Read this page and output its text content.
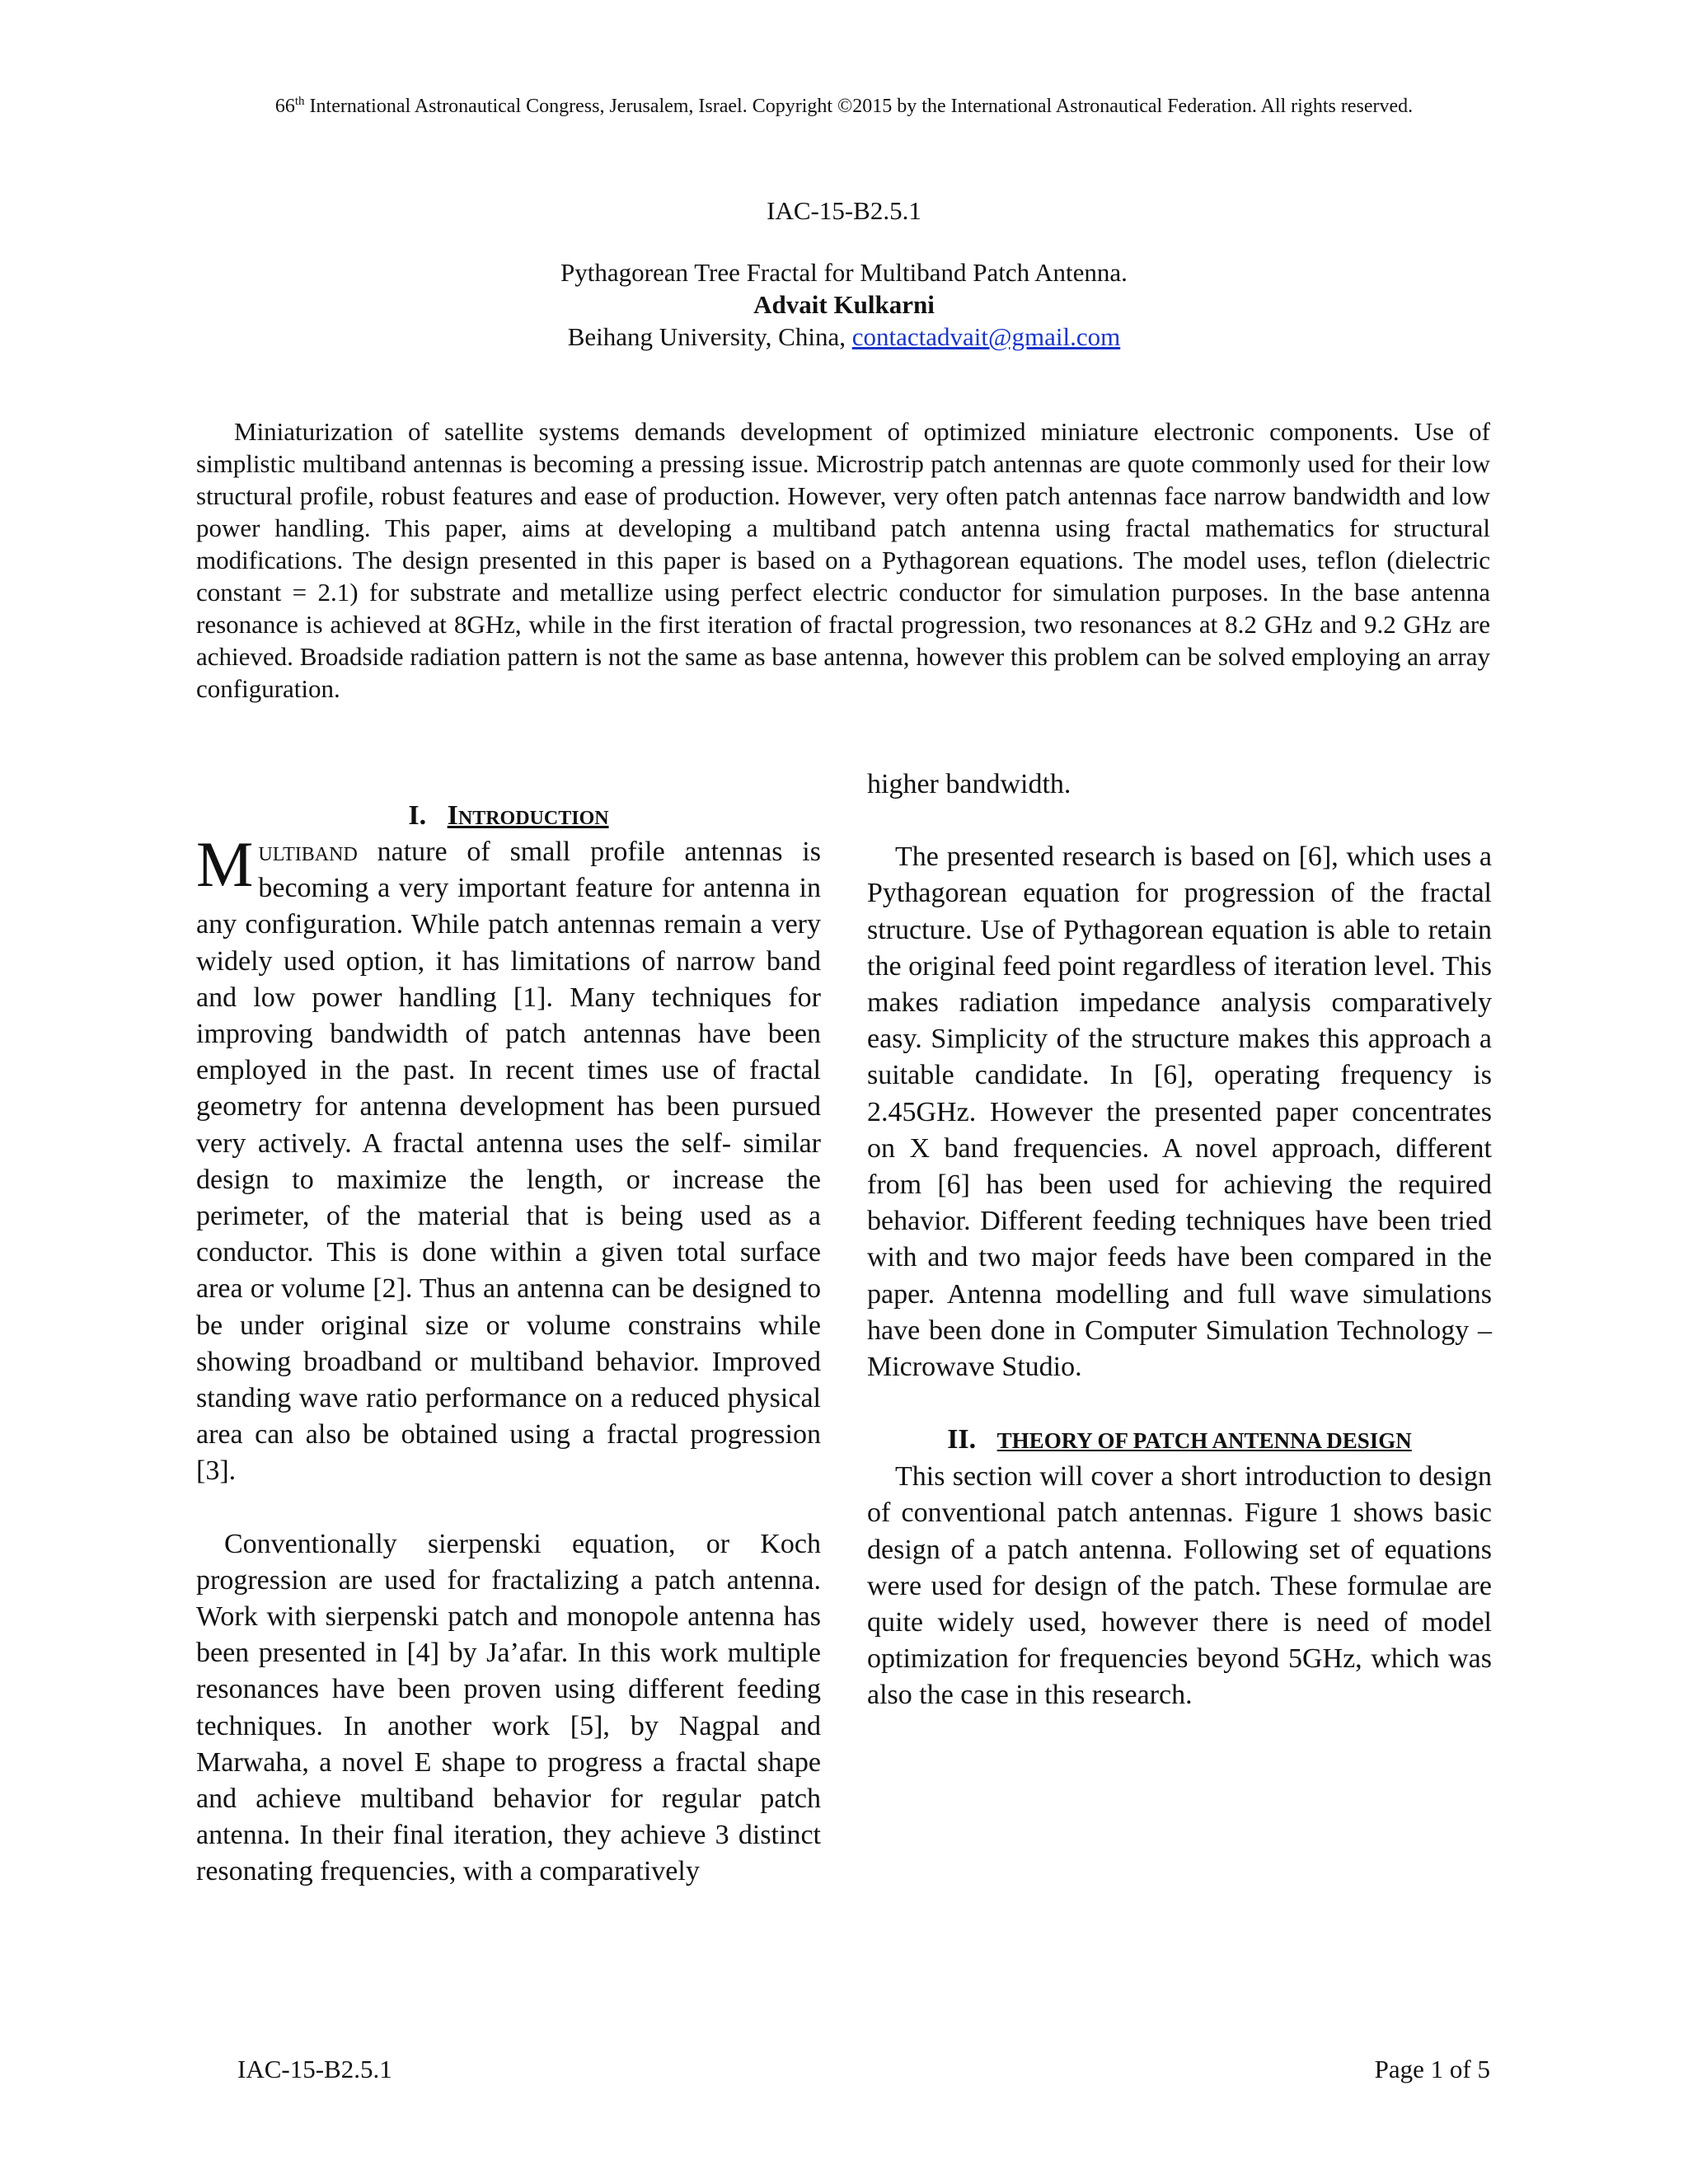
66th International Astronautical Congress, Jerusalem, Israel. Copyright ©2015 by the International Astronautical Federation. All rights reserved.
IAC-15-B2.5.1
Pythagorean Tree Fractal for Multiband Patch Antenna.
Advait Kulkarni
Beihang University, China, contactadvait@gmail.com

Miniaturization of satellite systems demands development of optimized miniature electronic components. Use of simplistic multiband antennas is becoming a pressing issue. Microstrip patch antennas are quote commonly used for their low structural profile, robust features and ease of production. However, very often patch antennas face narrow bandwidth and low power handling. This paper, aims at developing a multiband patch antenna using fractal mathematics for structural modifications. The design presented in this paper is based on a Pythagorean equations. The model uses, teflon (dielectric constant = 2.1) for substrate and metallize using perfect electric conductor for simulation purposes. In the base antenna resonance is achieved at 8GHz, while in the first iteration of fractal progression, two resonances at 8.2 GHz and 9.2 GHz are achieved. Broadside radiation pattern is not the same as base antenna, however this problem can be solved employing an array configuration.

I. Introduction

Multiband nature of small profile antennas is becoming a very important feature for antenna in any configuration. While patch antennas remain a very widely used option, it has limitations of narrow band and low power handling [1]. Many techniques for improving bandwidth of patch antennas have been employed in the past. In recent times use of fractal geometry for antenna development has been pursued very actively. A fractal antenna uses the self- similar design to maximize the length, or increase the perimeter, of the material that is being used as a conductor. This is done within a given total surface area or volume [2]. Thus an antenna can be designed to be under original size or volume constrains while showing broadband or multiband behavior. Improved standing wave ratio performance on a reduced physical area can also be obtained using a fractal progression [3].

Conventionally sierpenski equation, or Koch progression are used for fractalizing a patch antenna. Work with sierpenski patch and monopole antenna has been presented in [4] by Ja’afar. In this work multiple resonances have been proven using different feeding techniques. In another work [5], by Nagpal and Marwaha, a novel E shape to progress a fractal shape and achieve multiband behavior for regular patch antenna. In their final iteration, they achieve 3 distinct resonating frequencies, with a comparatively

higher bandwidth.

The presented research is based on [6], which uses a Pythagorean equation for progression of the fractal structure. Use of Pythagorean equation is able to retain the original feed point regardless of iteration level. This makes radiation impedance analysis comparatively easy. Simplicity of the structure makes this approach a suitable candidate. In [6], operating frequency is 2.45GHz. However the presented paper concentrates on X band frequencies. A novel approach, different from [6] has been used for achieving the required behavior. Different feeding techniques have been tried with and two major feeds have been compared in the paper. Antenna modelling and full wave simulations have been done in Computer Simulation Technology – Microwave Studio.

II. THEORY OF PATCH ANTENNA DESIGN

This section will cover a short introduction to design of conventional patch antennas. Figure 1 shows basic design of a patch antenna. Following set of equations were used for design of the patch. These formulae are quite widely used, however there is need of model optimization for frequencies beyond 5GHz, which was also the case in this research.

IAC-15-B2.5.1	Page 1 of 5
